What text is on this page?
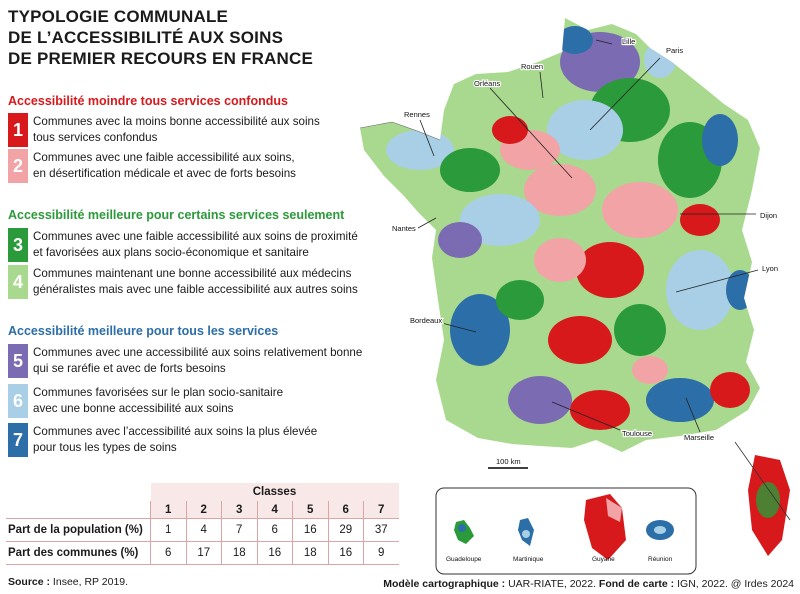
TYPOLOGIE COMMUNALE
DE L’ACCESSIBILITÉ AUX SOINS
DE PREMIER RECOURS EN FRANCE
Accessibilité moindre tous services confondus
Accessibilité meilleure pour certains services seulement
Accessibilité meilleure pour tous les services
1 Communes avec la moins bonne accessibilité aux soins
tous services confondus
2 Communes avec une faible accessibilité aux soins,
en désertification médicale et avec de forts besoins
3 Communes avec une faible accessibilité aux soins de proximité
et favorisées aux plans socio-économique et sanitaire
4 Communes maintenant une bonne accessibilité aux médecins
généralistes mais avec une faible accessibilité aux autres soins
5 Communes avec une accessibilité aux soins relativement bonne
qui se raréfie et avec de forts besoins
6 Communes favorisées sur le plan socio-sanitaire
avec une bonne accessibilité aux soins
7 Communes avec l’accessibilité aux soins la plus élevée
pour tous les types de soins
	Classes						
	1	2	3	4	5	6	7
Part de la population (%)	1	4	7	6	16	29	37
Part des communes (%)	6	17	18	16	18	16	9
Source : Insee, RP 2019.	Modèle cartographique : UAR-RIATE, 2022. Fond de carte : IGN, 2022. @ Irdes 2024
Lille
Paris
Rouen
Orléans
Rennes
Nantes
Dijon
Lyon
Bordeaux
Toulouse	Marseille
100 km
Guadeloupe	Martinique	Guyane	Réunion
